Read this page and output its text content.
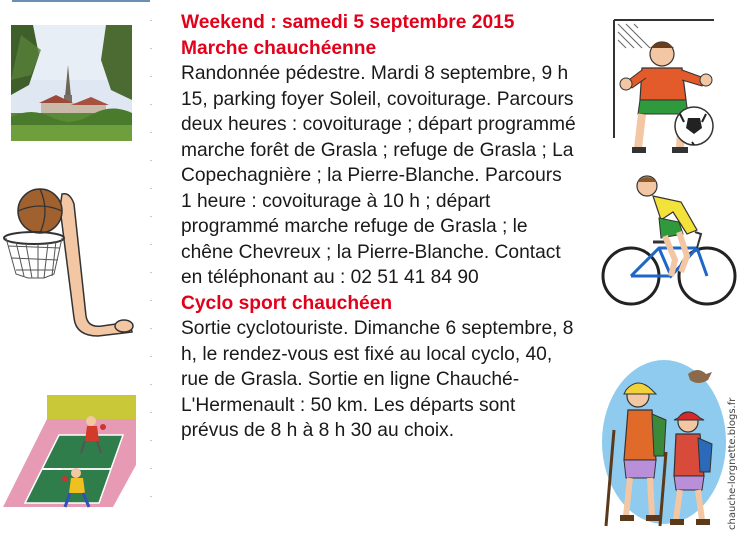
Weekend : samedi 5 septembre 2015
Marche chauchéenne
Randonnée pédestre. Mardi 8 septembre, 9 h 15, parking foyer Soleil, covoiturage. Parcours deux heures : covoiturage ; départ programmé marche forêt de Grasla ; refuge de Grasla ; La Copechagnière ; la Pierre-Blanche. Parcours 1 heure : covoiturage à 10 h ; départ programmé marche refuge de Grasla ; le chêne Chevreux ; la Pierre-Blanche. Contact en téléphonant au : 02 51 41 84 90
Cyclo sport chauchéen
Sortie cyclotouriste. Dimanche 6 septembre, 8 h, le rendez-vous est fixé au local cyclo, 40, rue de Grasla. Sortie en ligne Chauché-L'Hermenault : 50 km. Les départs sont prévus de 8 h à 8 h 30 au choix.	chauche-lorgnette.blogs.fr
